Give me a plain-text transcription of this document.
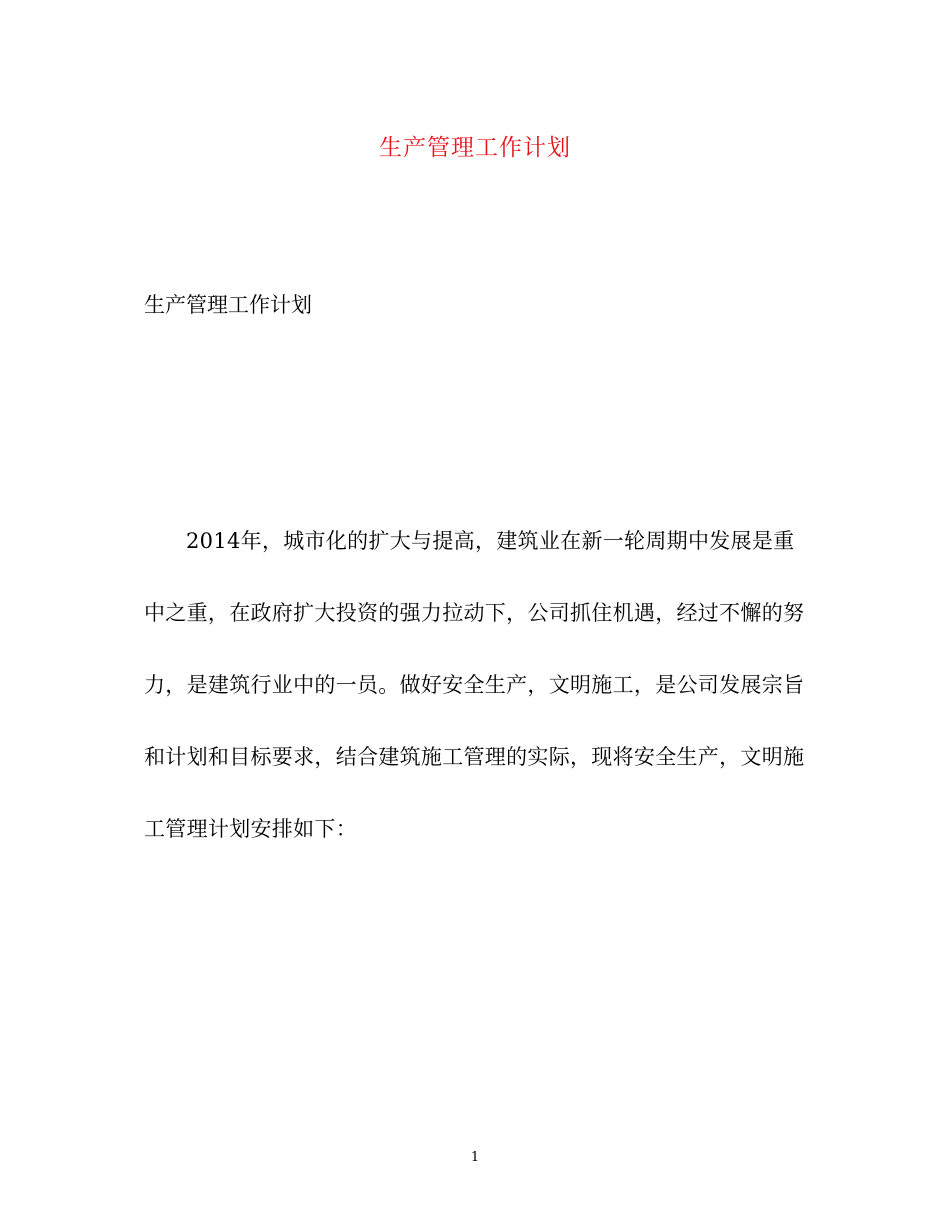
生产管理工作计划

生产管理工作计划

2014年，城市化的扩大与提高，建筑业在新一轮周期中发展是重中之重，在政府扩大投资的强力拉动下，公司抓住机遇，经过不懈的努力，是建筑行业中的一员。做好安全生产，文明施工，是公司发展宗旨和计划和目标要求，结合建筑施工管理的实际，现将安全生产，文明施工管理计划安排如下：

1
